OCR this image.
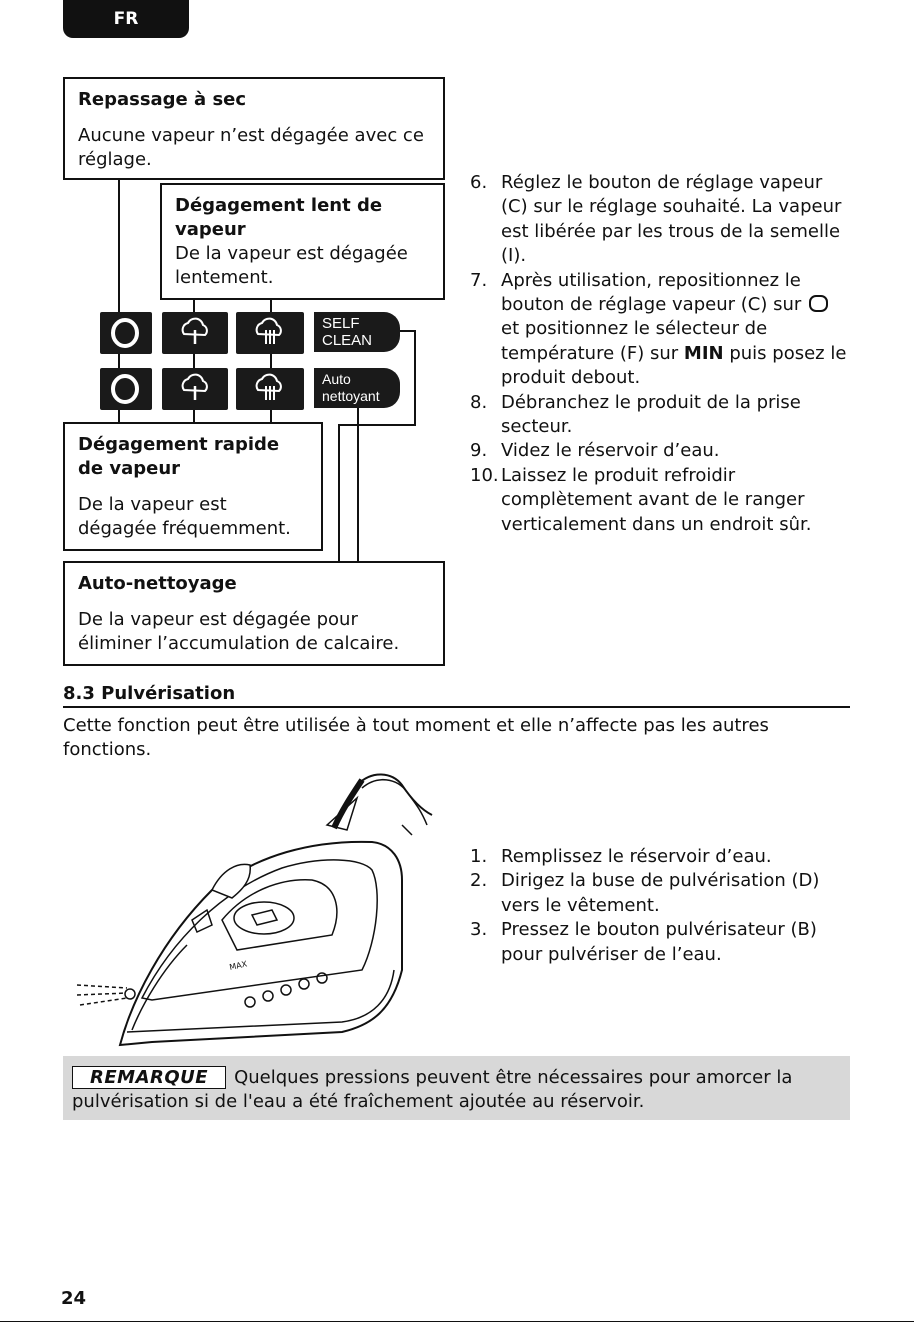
FR

Repassage à sec

Aucune vapeur n’est dégagée avec ce réglage.

Dégagement lent de vapeur

De la vapeur est dégagée lentement.

Dégagement rapide de vapeur

De la vapeur est dégagée fréquemment.

Auto-nettoyage

De la vapeur est dégagée pour éliminer l’accumulation de calcaire.

SELF
CLEAN
Auto
nettoyant
6. Réglez le bouton de réglage vapeur (C) sur le réglage souhaité. La vapeur est libérée par les trous de la semelle (I).
7. Après utilisation, repositionnez le bouton de réglage vapeur (C) sur  et positionnez le sélecteur de température (F) sur MIN puis posez le produit debout.
8. Débranchez le produit de la prise secteur.
9. Videz le réservoir d’eau.
10. Laissez le produit refroidir complètement avant de le ranger verticalement dans un endroit sûr.
8.3 Pulvérisation
Cette fonction peut être utilisée à tout moment et elle n’affecte pas les autres fonctions.
MAX
1. Remplissez le réservoir d’eau.
2. Dirigez la buse de pulvérisation (D) vers le vêtement.
3. Pressez le bouton pulvérisateur (B) pour pulvériser de l’eau.
REMARQUE Quelques pressions peuvent être nécessaires pour amorcer la pulvérisation si de l'eau a été fraîchement ajoutée au réservoir.
24
